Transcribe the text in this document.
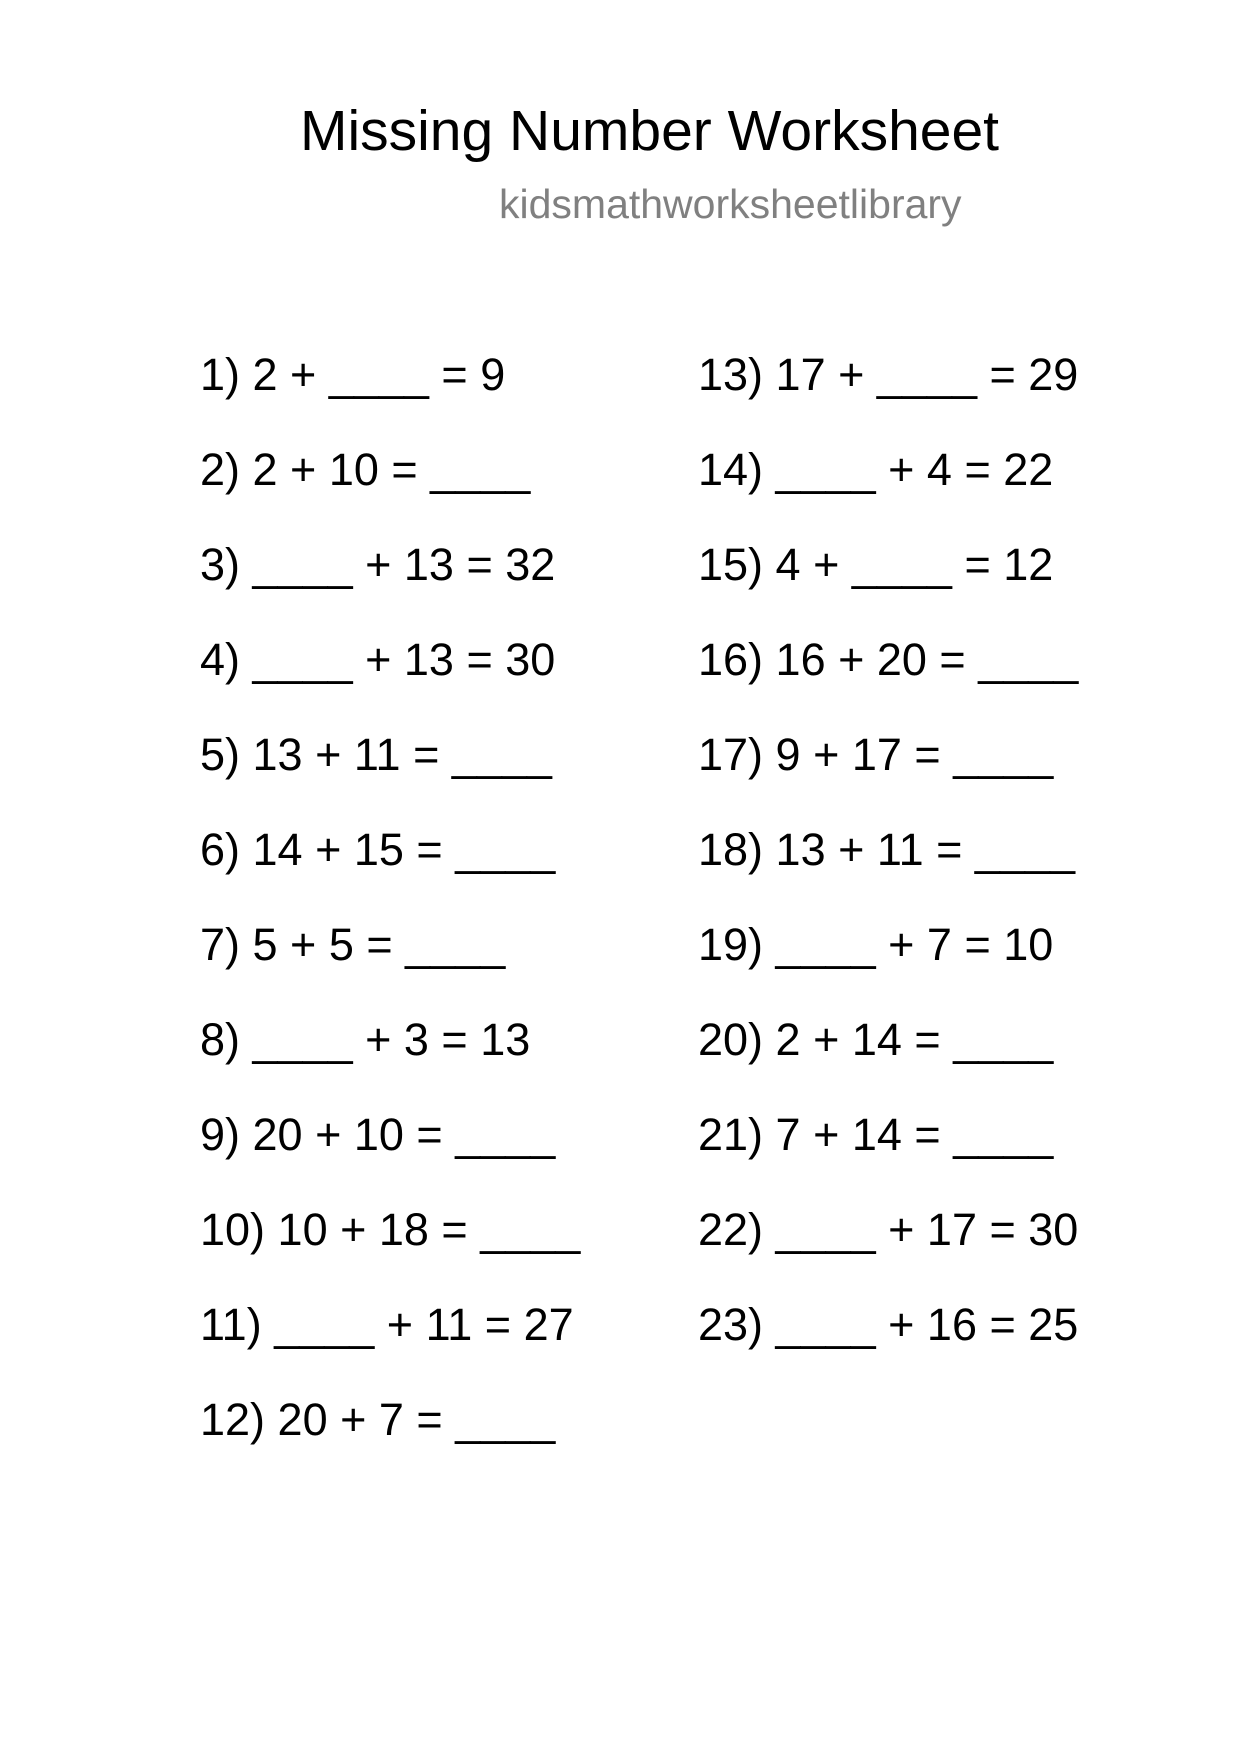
Missing Number Worksheet
kidsmathworksheetlibrary
1) 2 + ____ = 9
2) 2 + 10 = ____
3) ____ + 13 = 32
4) ____ + 13 = 30
5) 13 + 11 = ____
6) 14 + 15 = ____
7) 5 + 5 = ____
8) ____ + 3 = 13
9) 20 + 10 = ____
10) 10 + 18 = ____
11) ____ + 11 = 27
12) 20 + 7 = ____
13) 17 + ____ = 29
14) ____ + 4 = 22
15) 4 + ____ = 12
16) 16 + 20 = ____
17) 9 + 17 = ____
18) 13 + 11 = ____
19) ____ + 7 = 10
20) 2 + 14 = ____
21) 7 + 14 = ____
22) ____ + 17 = 30
23) ____ + 16 = 25
